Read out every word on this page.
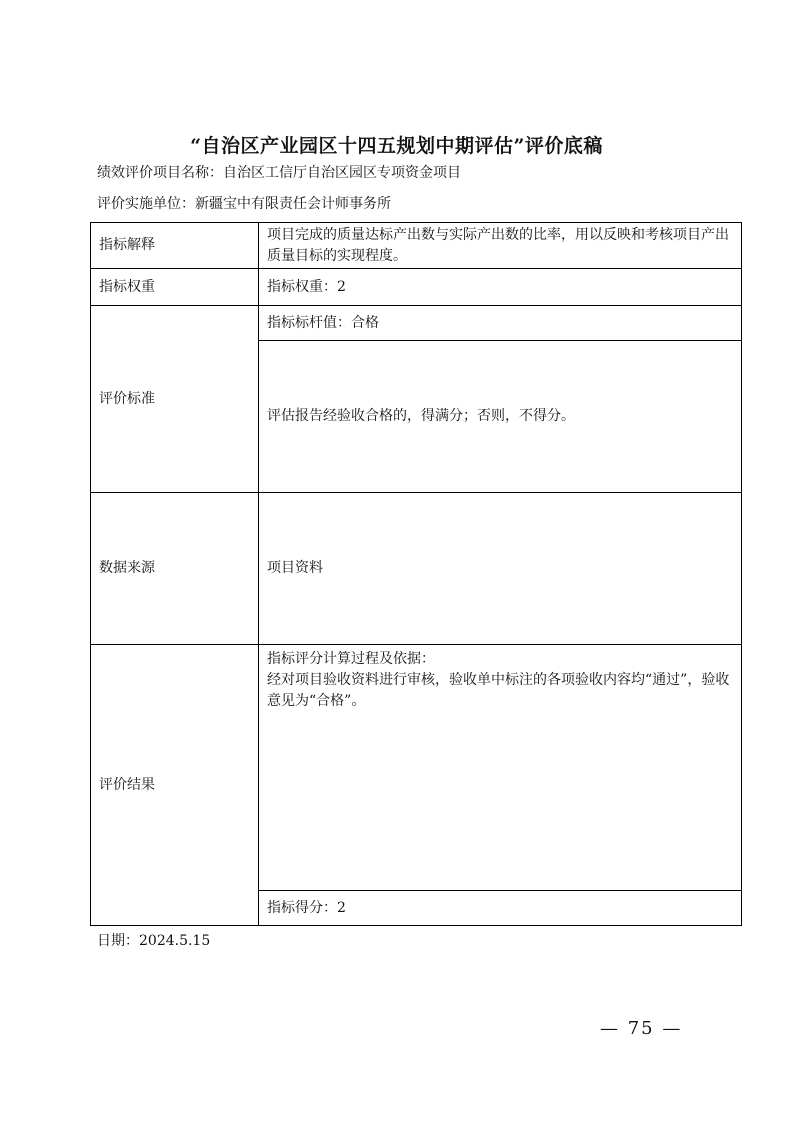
“自治区产业园区十四五规划中期评估”评价底稿
绩效评价项目名称：自治区工信厅自治区园区专项资金项目
评价实施单位：新疆宝中有限责任会计师事务所
指标解释	项目完成的质量达标产出数与实际产出数的比率，用以反映和考核项目产出质量目标的实现程度。
指标权重	指标权重：2
评价标准	指标标杆值：合格
	评估报告经验收合格的，得满分；否则，不得分。
数据来源	项目资料
评价结果	指标评分计算过程及依据：
经对项目验收资料进行审核，验收单中标注的各项验收内容均“通过”，验收意见为“合格”。

	指标得分：2
日期：2024.5.15
— 75 —
